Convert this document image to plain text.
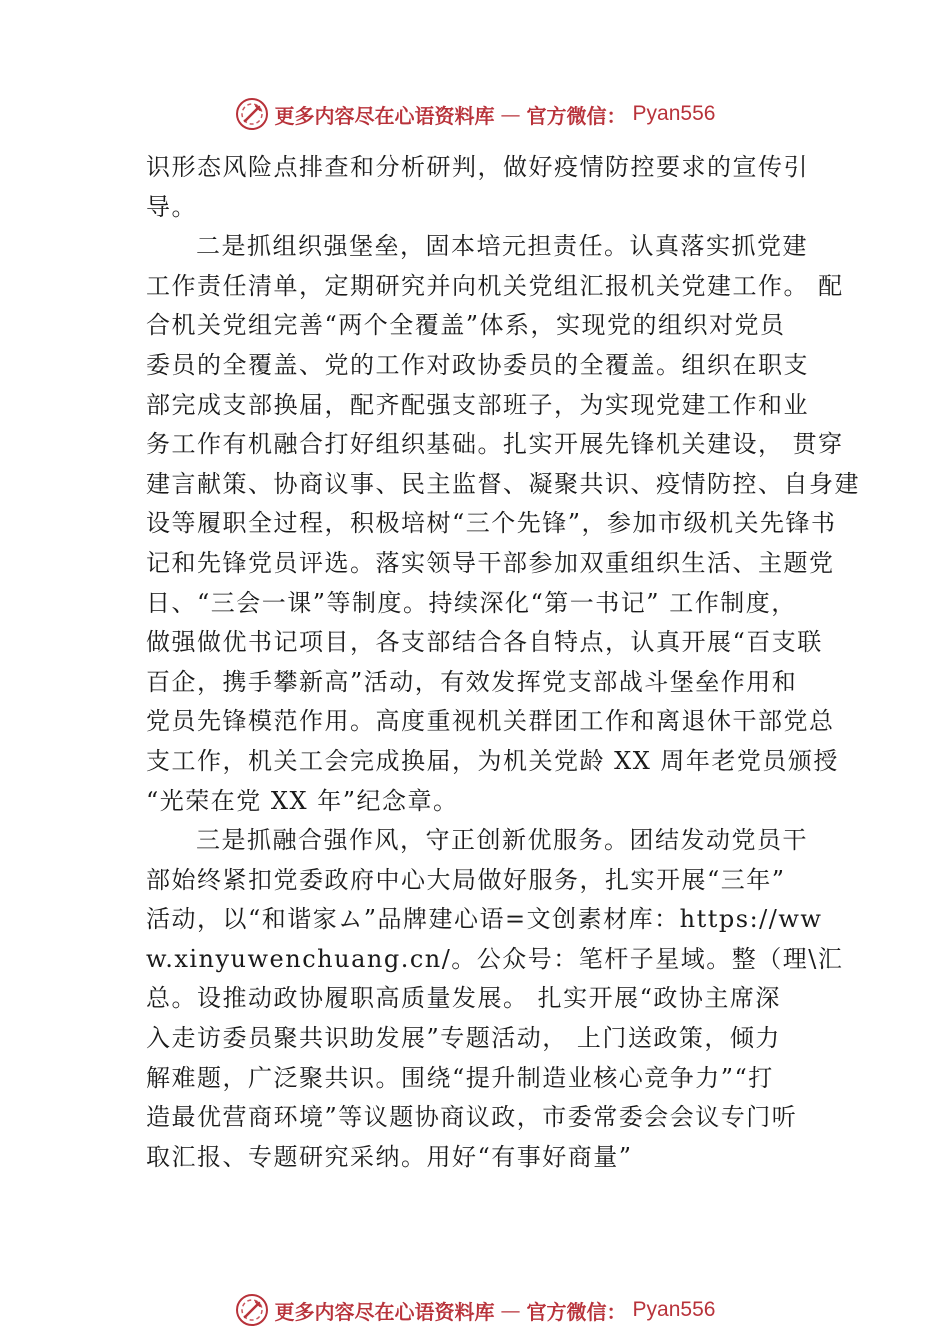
更多内容尽在心语资料库 — 官方微信： Pyan556
识形态风险点排查和分析研判，做好疫情防控要求的宣传引
导。
二是抓组织强堡垒，固本培元担责任。认真落实抓党建
工作责任清单，定期研究并向机关党组汇报机关党建工作。 配
合机关党组完善“两个全覆盖”体系，实现党的组织对党员
委员的全覆盖、党的工作对政协委员的全覆盖。组织在职支
部完成支部换届，配齐配强支部班子，为实现党建工作和业
务工作有机融合打好组织基础。扎实开展先锋机关建设， 贯穿
建言献策、协商议事、民主监督、凝聚共识、疫情防控、自身建
设等履职全过程，积极培树“三个先锋”，参加市级机关先锋书
记和先锋党员评选。落实领导干部参加双重组织生活、主题党
日、“三会一课”等制度。持续深化“第一书记” 工作制度，
做强做优书记项目，各支部结合各自特点，认真开展“百支联
百企，携手攀新高”活动，有效发挥党支部战斗堡垒作用和
党员先锋模范作用。高度重视机关群团工作和离退休干部党总
支工作，机关工会完成换届，为机关党龄 XX 周年老党员颁授
“光荣在党 XX 年”纪念章。
三是抓融合强作风，守正创新优服务。团结发动党员干
部始终紧扣党委政府中心大局做好服务，扎实开展“三年”
活动，以“和谐家ム”品牌建心语=文创素材库：https://ww
w.xinyuwenchuang.cn/。公众号：笔杆子星域。整（理\汇
总。设推动政协履职高质量发展。 扎实开展“政协主席深
入走访委员聚共识助发展”专题活动， 上门送政策，倾力
解难题，广泛聚共识。围绕“提升制造业核心竞争力”“打
造最优营商环境”等议题协商议政，市委常委会会议专门听
取汇报、专题研究采纳。用好“有事好商量”
更多内容尽在心语资料库 — 官方微信： Pyan556
